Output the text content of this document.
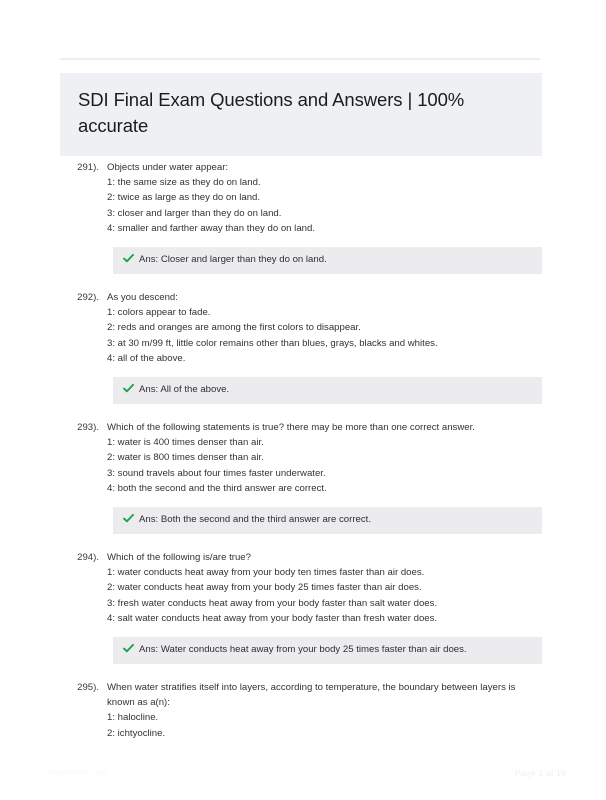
SDI Final Exam Questions and Answers | 100% accurate
291). Objects under water appear:
1: the same size as they do on land.
2: twice as large as they do on land.
3: closer and larger than they do on land.
4: smaller and farther away than they do on land.
Ans: Closer and larger than they do on land.
292). As you descend:
1: colors appear to fade.
2: reds and oranges are among the first colors to disappear.
3: at 30 m/99 ft, little color remains other than blues, grays, blacks and whites.
4: all of the above.
Ans: All of the above.
293). Which of the following statements is true? there may be more than one correct answer.
1: water is 400 times denser than air.
2: water is 800 times denser than air.
3: sound travels about four times faster underwater.
4: both the second and the third answer are correct.
Ans: Both the second and the third answer are correct.
294). Which of the following is/are true?
1: water conducts heat away from your body ten times faster than air does.
2: water conducts heat away from your body 25 times faster than air does.
3: fresh water conducts heat away from your body faster than salt water does.
4: salt water conducts heat away from your body faster than fresh water does.
Ans: Water conducts heat away from your body 25 times faster than air does.
295). When water stratifies itself into layers, according to temperature, the boundary between layers is known as a(n):
1: halocline.
2: ichtyocline.
PaperStific.com	Page 1 of 19
